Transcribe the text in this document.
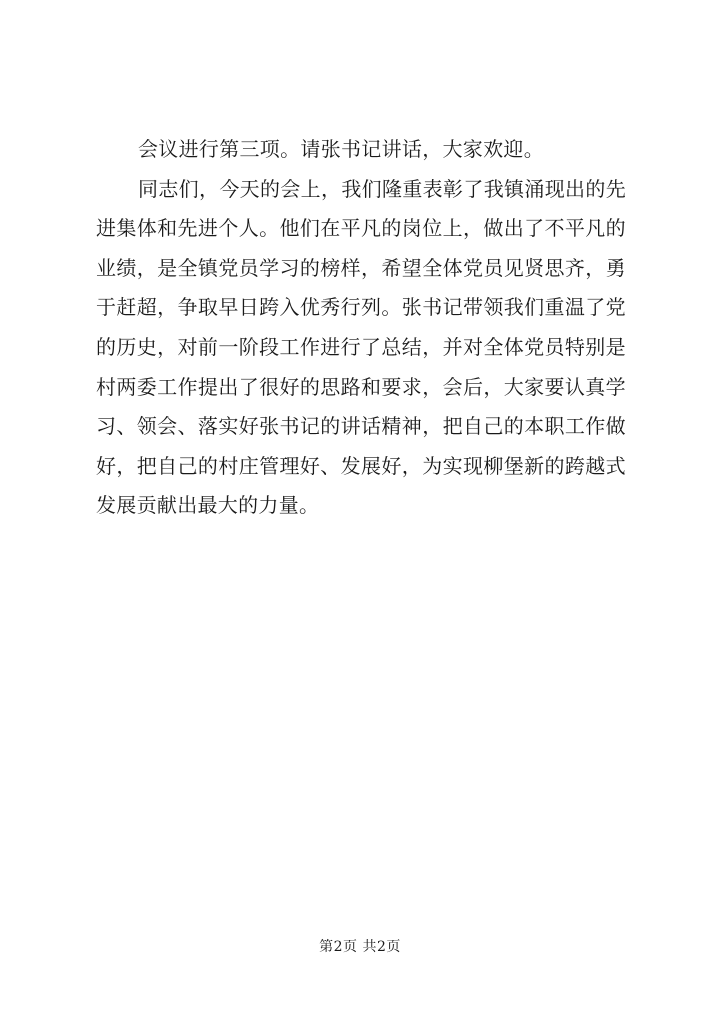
会议进行第三项。请张书记讲话，大家欢迎。

同志们，今天的会上，我们隆重表彰了我镇涌现出的先进集体和先进个人。他们在平凡的岗位上，做出了不平凡的业绩，是全镇党员学习的榜样，希望全体党员见贤思齐，勇于赶超，争取早日跨入优秀行列。张书记带领我们重温了党的历史，对前一阶段工作进行了总结，并对全体党员特别是村两委工作提出了很好的思路和要求，会后，大家要认真学习、领会、落实好张书记的讲话精神，把自己的本职工作做好，把自己的村庄管理好、发展好，为实现柳堡新的跨越式发展贡献出最大的力量。

第2页 共2页
